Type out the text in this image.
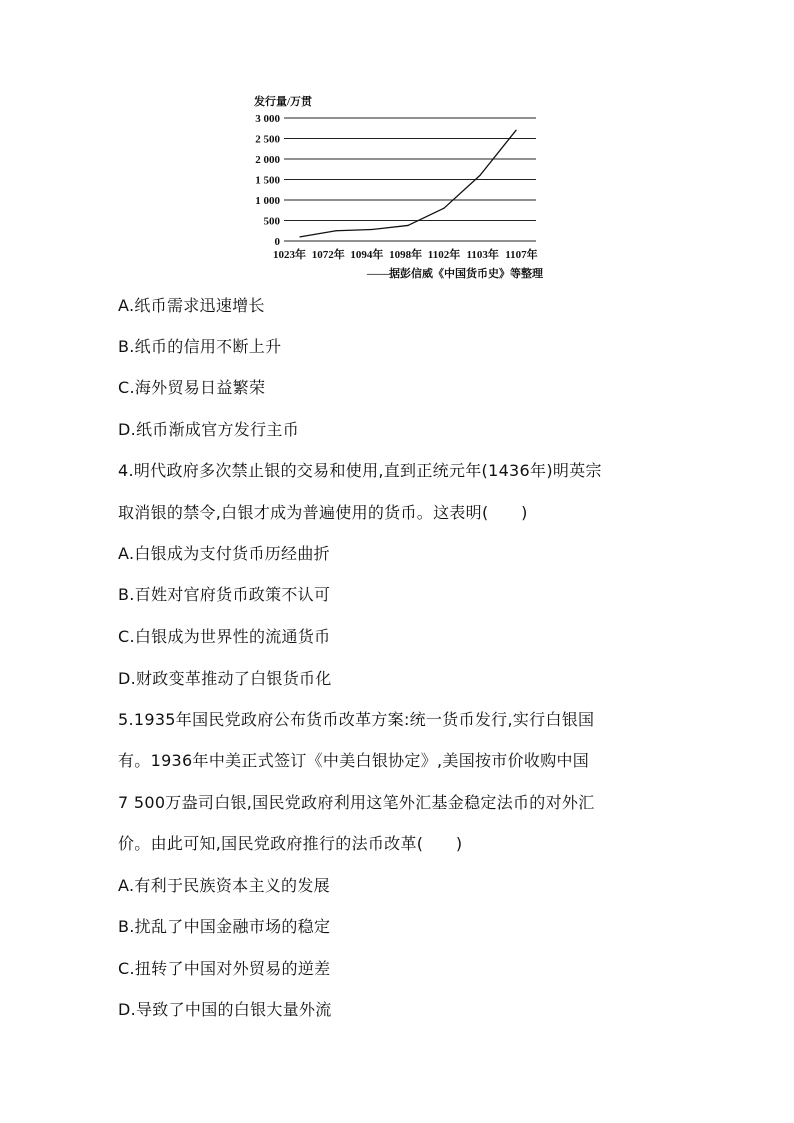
发行量/万贯
0
500
1 000
1 500
2 000
2 500
3 000
1023年 1072年 1094年 1098年 1102年 1103年 1107年
——据彭信威《中国货币史》等整理
A.纸币需求迅速增长
B.纸币的信用不断上升
C.海外贸易日益繁荣
D.纸币渐成官方发行主币
4.明代政府多次禁止银的交易和使用,直到正统元年(1436年)明英宗
取消银的禁令,白银才成为普遍使用的货币。这表明(　　)
A.白银成为支付货币历经曲折
B.百姓对官府货币政策不认可
C.白银成为世界性的流通货币
D.财政变革推动了白银货币化
5.1935年国民党政府公布货币改革方案:统一货币发行,实行白银国
有。1936年中美正式签订《中美白银协定》,美国按市价收购中国
7 500万盎司白银,国民党政府利用这笔外汇基金稳定法币的对外汇
价。由此可知,国民党政府推行的法币改革(　　)
A.有利于民族资本主义的发展
B.扰乱了中国金融市场的稳定
C.扭转了中国对外贸易的逆差
D.导致了中国的白银大量外流
